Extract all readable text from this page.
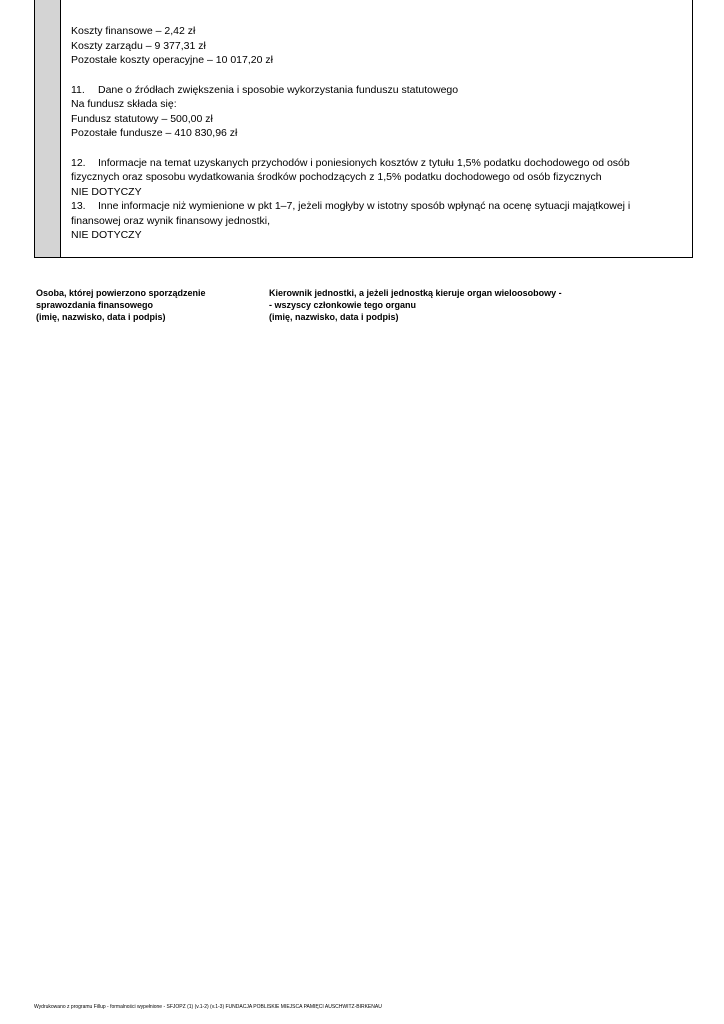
Koszty finansowe – 2,42 zł
Koszty zarządu – 9 377,31 zł
Pozostałe koszty operacyjne – 10 017,20 zł
11. Dane o źródłach zwiększenia i sposobie wykorzystania funduszu statutowego
Na fundusz składa się:
Fundusz statutowy – 500,00 zł
Pozostałe fundusze – 410 830,96 zł
12. Informacje na temat uzyskanych przychodów i poniesionych kosztów z tytułu 1,5% podatku dochodowego od osób fizycznych oraz sposobu wydatkowania środków pochodzących z 1,5% podatku dochodowego od osób fizycznych
NIE DOTYCZY
13. Inne informacje niż wymienione w pkt 1–7, jeżeli mogłyby w istotny sposób wpłynąć na ocenę sytuacji majątkowej i finansowej oraz wynik finansowy jednostki,
NIE DOTYCZY
Osoba, której powierzono sporządzenie
sprawozdania finansowego
(imię, nazwisko, data i podpis)
Kierownik jednostki, a jeżeli jednostką kieruje organ wieloosobowy -
- wszyscy członkowie tego organu
(imię, nazwisko, data i podpis)
Wydrukowano z programu Fillup - formalności wypełnione - SFJOPZ (1) (v.1-2) (v.1-3) FUNDACJA POBLISKIE MIEJSCA PAMIĘCI AUSCHWITZ-BIRKENAU
